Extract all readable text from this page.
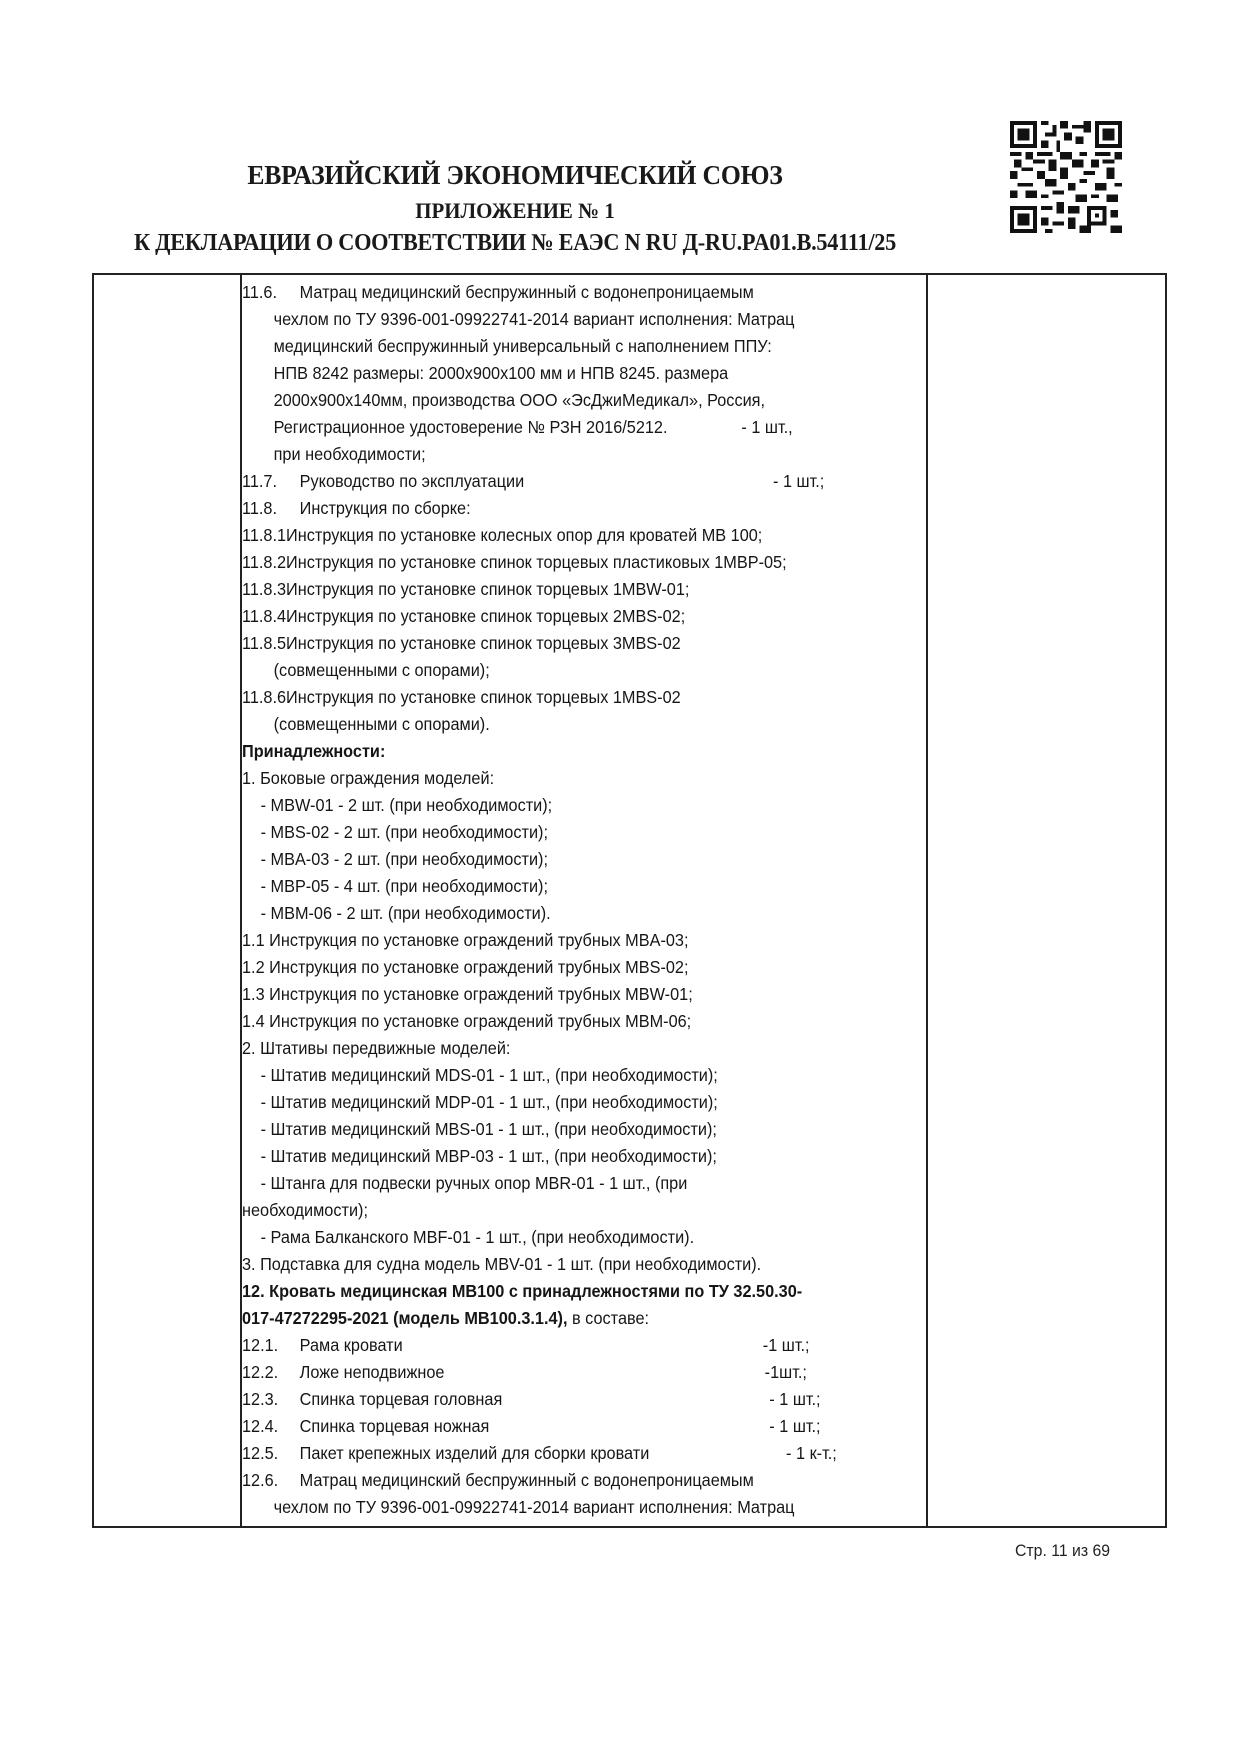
ЕВРАЗИЙСКИЙ ЭКОНОМИЧЕСКИЙ СОЮЗ
ПРИЛОЖЕНИЕ № 1
К ДЕКЛАРАЦИИ О СООТВЕТСТВИИ № ЕАЭС N RU Д-RU.PA01.B.54111/25
11.6. Матрац медицинский беспружинный с водонепроницаемым
чехлом по ТУ 9396-001-09922741-2014 вариант исполнения: Матрац
медицинский беспружинный универсальный с наполнением ППУ:
НПВ 8242 размеры: 2000х900х100 мм и НПВ 8245. размера
2000х900х140мм, производства ООО «ЭсДжиМедикал», Россия,
Регистрационное удостоверение № РЗН 2016/5212.	- 1 шт.,
при необходимости;
11.7. Руководство по эксплуатации	- 1 шт.;
11.8. Инструкция по сборке:
11.8.1Инструкция по установке колесных опор для кроватей МВ 100;
11.8.2Инструкция по установке спинок торцевых пластиковых 1МВР-05;
11.8.3Инструкция по установке спинок торцевых 1MBW-01;
11.8.4Инструкция по установке спинок торцевых 2MBS-02;
11.8.5Инструкция по установке спинок торцевых 3MBS-02
(совмещенными с опорами);
11.8.6Инструкция по установке спинок торцевых 1MBS-02
(совмещенными с опорами).
Принадлежности:
1. Боковые ограждения моделей:
- MBW-01 - 2 шт. (при необходимости);
- MBS-02 - 2 шт. (при необходимости);
- MBA-03 - 2 шт. (при необходимости);
- MBP-05 - 4 шт. (при необходимости);
- MBM-06 - 2 шт. (при необходимости).
1.1 Инструкция по установке ограждений трубных MBA-03;
1.2 Инструкция по установке ограждений трубных MBS-02;
1.3 Инструкция по установке ограждений трубных MBW-01;
1.4 Инструкция по установке ограждений трубных MBM-06;
2. Штативы передвижные моделей:
- Штатив медицинский MDS-01 - 1 шт., (при необходимости);
- Штатив медицинский MDP-01 - 1 шт., (при необходимости);
- Штатив медицинский MBS-01 - 1 шт., (при необходимости);
- Штатив медицинский MBP-03 - 1 шт., (при необходимости);
- Штанга для подвески ручных опор MBR-01 - 1 шт., (при
необходимости);
- Рама Балканского MBF-01 - 1 шт., (при необходимости).
3. Подставка для судна модель MBV-01 - 1 шт. (при необходимости).
12. Кровать медицинская МВ100 с принадлежностями по ТУ 32.50.30-
017-47272295-2021 (модель МВ100.3.1.4), в составе:
12.1. Рама кровати	-1 шт.;
12.2. Ложе неподвижное	-1шт.;
12.3. Спинка торцевая головная	- 1 шт.;
12.4. Спинка торцевая ножная	- 1 шт.;
12.5. Пакет крепежных изделий для сборки кровати	- 1 к-т.;
12.6. Матрац медицинский беспружинный с водонепроницаемым
чехлом по ТУ 9396-001-09922741-2014 вариант исполнения: Матрац
Стр. 11 из 69
